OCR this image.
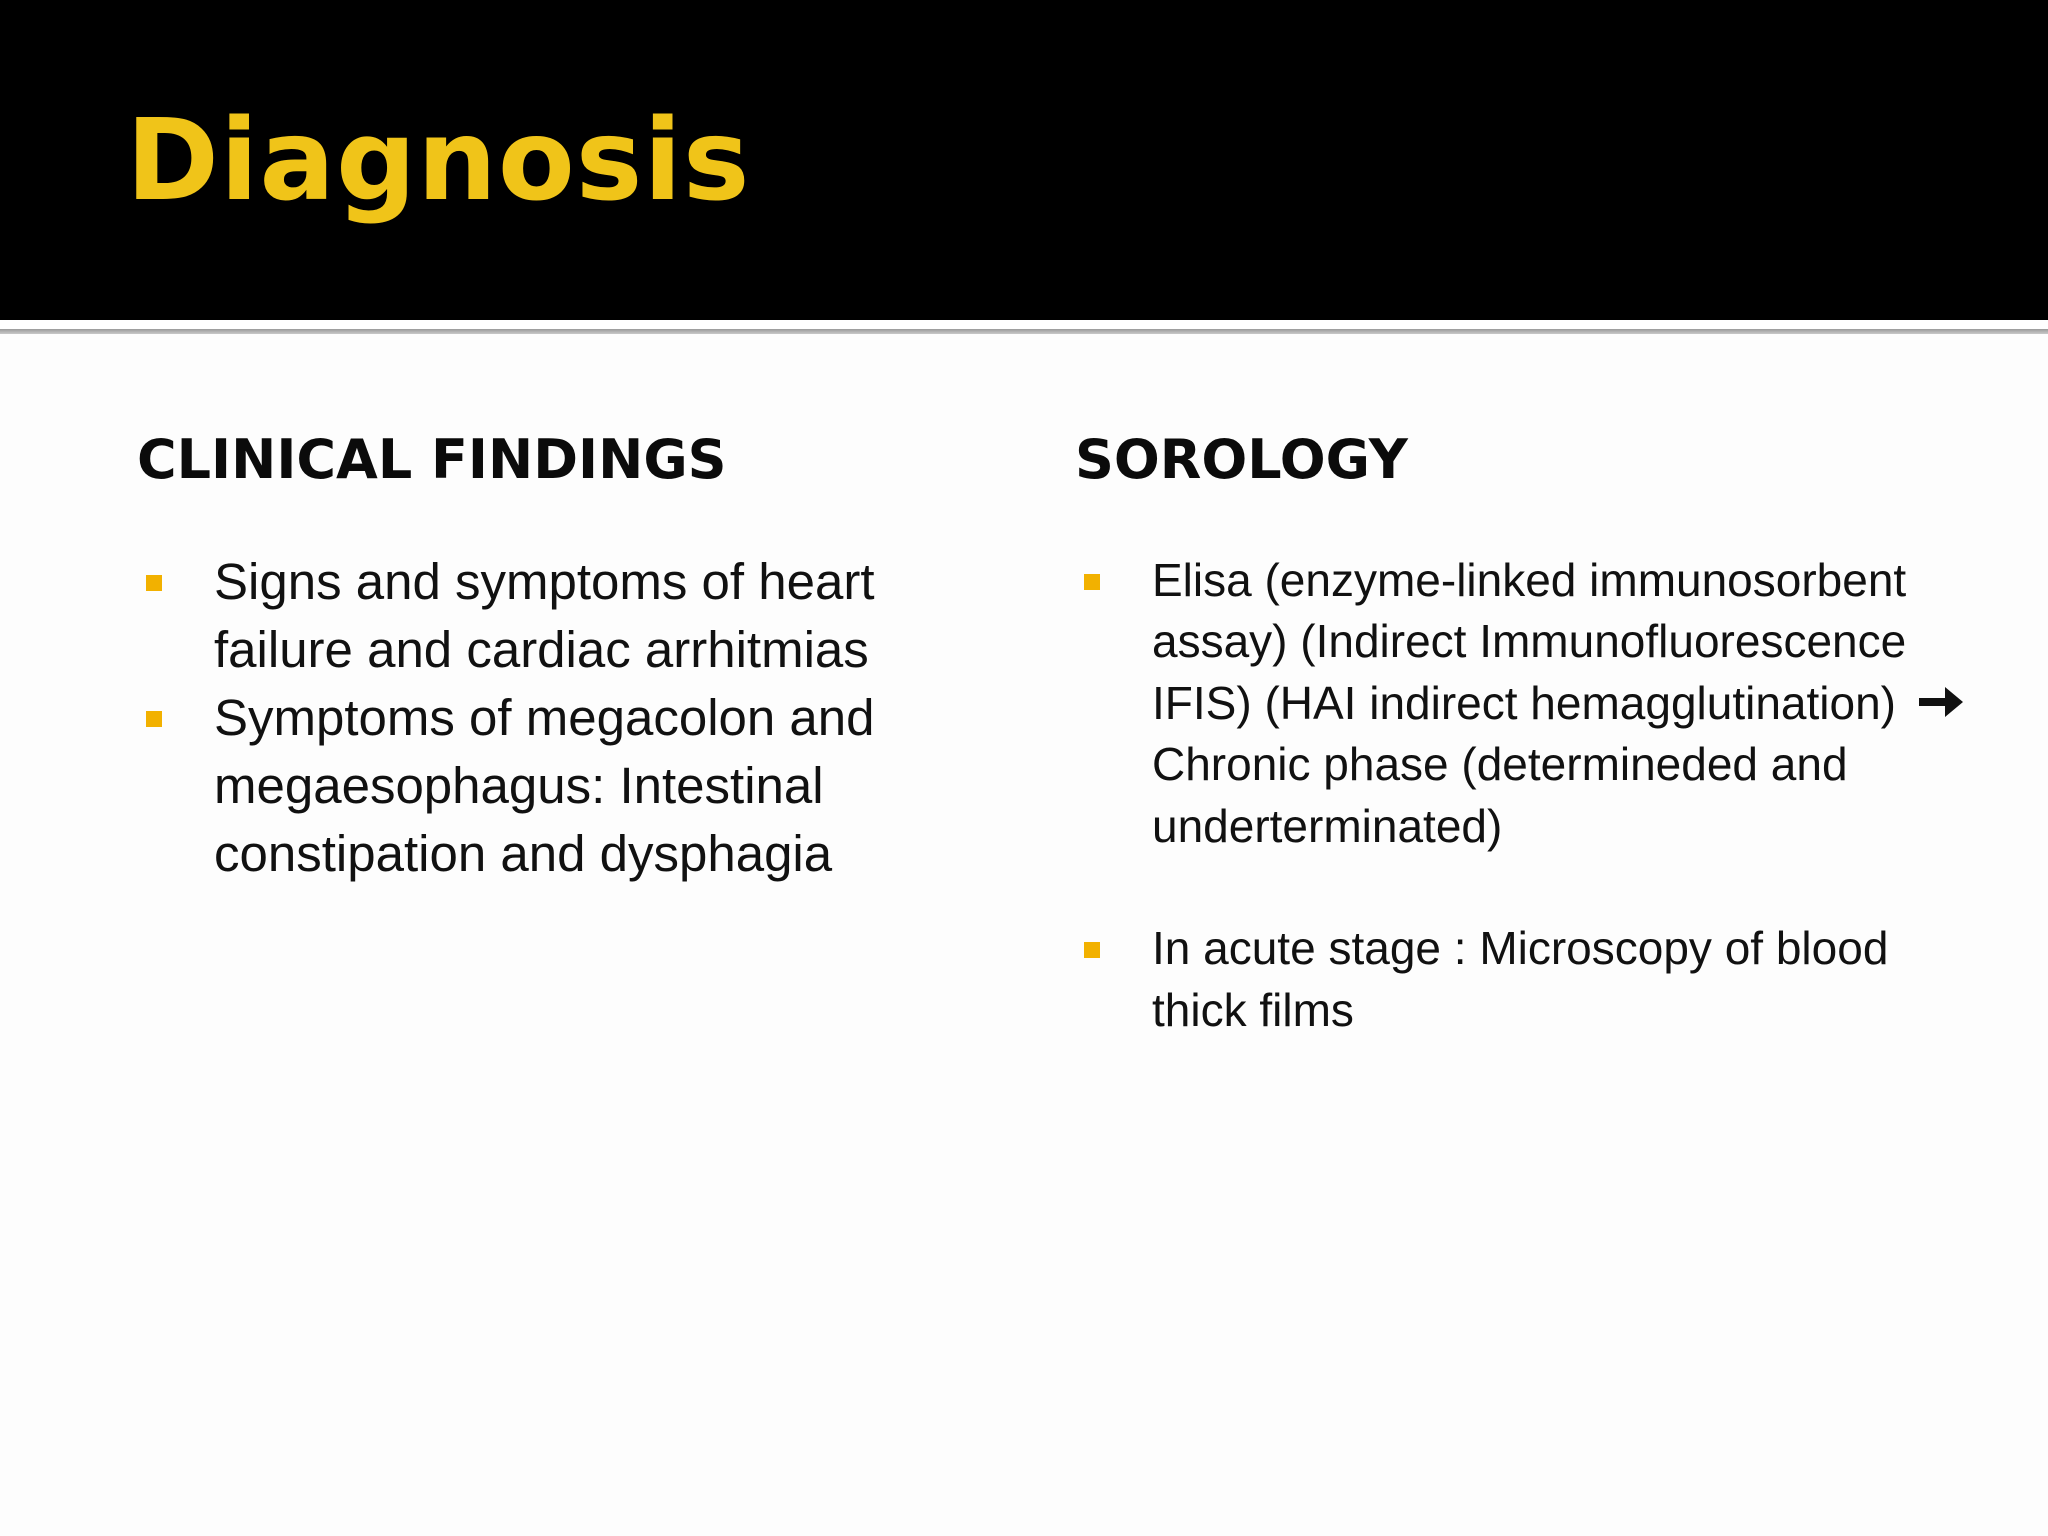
Diagnosis
CLINICAL FINDINGS
Signs and symptoms of heart failure and cardiac arrhitmias
Symptoms of megacolon and megaesophagus: Intestinal constipation and dysphagia
SOROLOGY
Elisa (enzyme-linked immunosorbent assay) (Indirect Immunofluorescence IFIS) (HAI indirect hemagglutination)  Chronic phase (determineded and underterminated)
In acute stage : Microscopy of blood thick films
